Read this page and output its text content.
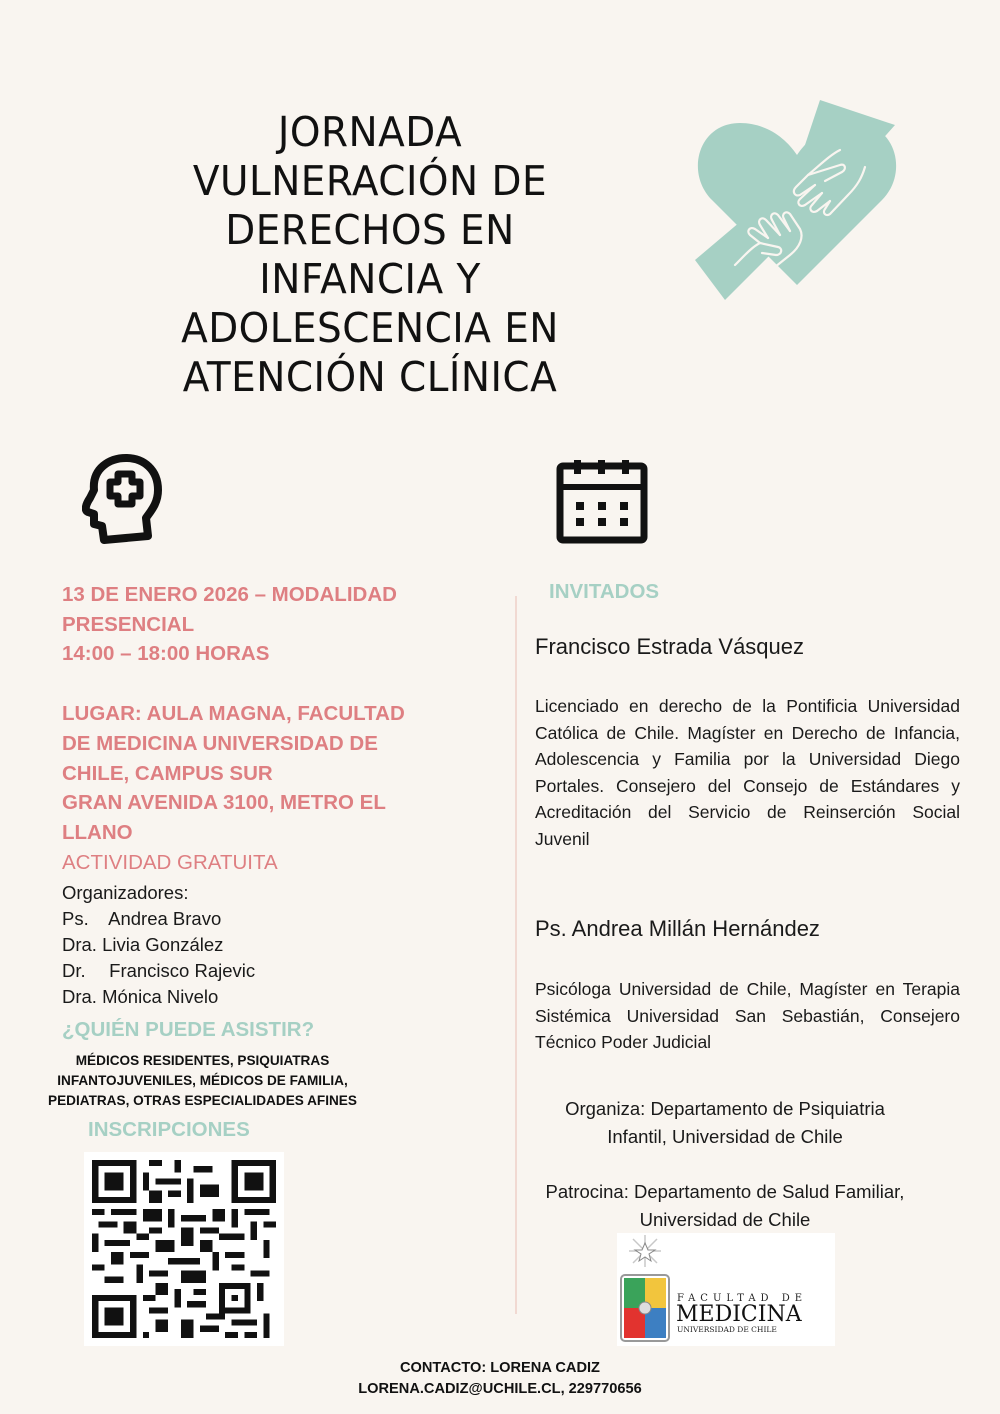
JORNADA
VULNERACIÓN DE
DERECHOS EN
INFANCIA Y
ADOLESCENCIA EN
ATENCIÓN CLÍNICA
13 DE ENERO 2026 – MODALIDAD
PRESENCIAL
14:00 – 18:00 HORAS
LUGAR: AULA MAGNA, FACULTAD
DE MEDICINA UNIVERSIDAD DE
CHILE, CAMPUS SUR
GRAN AVENIDA 3100, METRO EL
LLANO
ACTIVIDAD GRATUITA
Organizadores:
Ps. Andrea Bravo
Dra. Livia González
Dr. Francisco Rajevic
Dra. Mónica Nivelo
¿QUIÉN PUEDE ASISTIR?
MÉDICOS RESIDENTES, PSIQUIATRAS
INFANTOJUVENILES, MÉDICOS DE FAMILIA,
PEDIATRAS, OTRAS ESPECIALIDADES AFINES
INSCRIPCIONES
INVITADOS
Francisco Estrada Vásquez
Licenciado en derecho de la Pontificia Universidad Católica de Chile. Magíster en Derecho de Infancia, Adolescencia y Familia por la Universidad Diego Portales. Consejero del Consejo de Estándares y Acreditación del Servicio de Reinserción Social Juvenil
Ps. Andrea Millán Hernández
Psicóloga Universidad de Chile, Magíster en Terapia Sistémica Universidad San Sebastián, Consejero Técnico Poder Judicial
Organiza: Departamento de Psiquiatria
Infantil, Universidad de Chile
Patrocina: Departamento de Salud Familiar,
Universidad de Chile
FACULTAD DE
MEDICINA
UNIVERSIDAD DE CHILE
CONTACTO: LORENA CADIZ
LORENA.CADIZ@UCHILE.CL, 229770656
